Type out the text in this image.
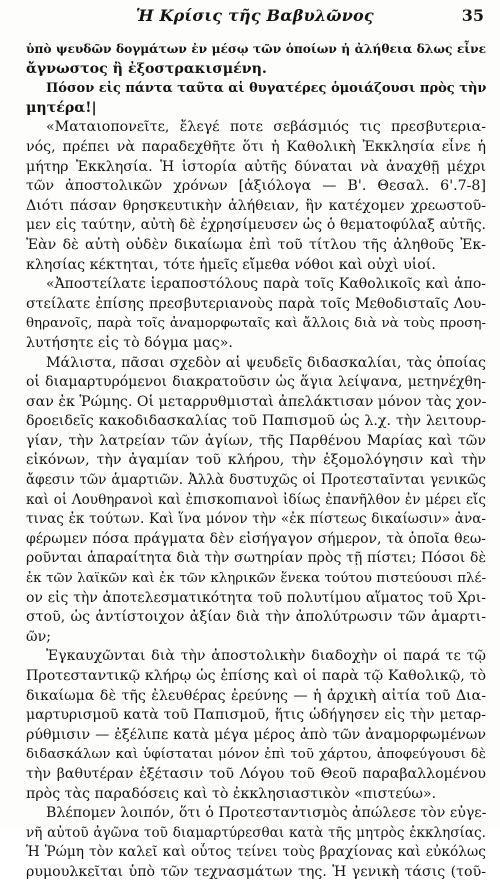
Ἡ Κρίσις τῆς Βαβυλῶνος	35
ὑπὸ ψευδῶν δογμάτων ἐν μέσῳ τῶν ὁποίων ἡ ἀλήθεια δλως εἶνε
ἄγνωστος ἢ ἐξοστρακισμένη.
Πόσον εἰς πάντα ταῦτα αἱ θυγατέρες ὁμοιάζουσι πρὸς τὴν
μητέρα!|
«Ματαιοπονεῖτε, ἔλεγέ ποτε σεβάσμιός τις πρεσβυτερια-
νός, πρέπει νὰ παραδεχθῆτε ὅτι ἡ Καθολικὴ Ἐκκλησία εἶνε ἡ
μήτηρ Ἐκκλησία. Ἡ ἱστορία αὐτῆς δύναται νὰ ἀναχθῇ μέχρι
τῶν ἀποστολικῶν χρόνων [ἀξιόλογα — Β'. Θεσαλ. 6'.7-8]
Διότι πάσαν θρησκευτικὴν ἀλήθειαν, ἣν κατέχομεν χρεωστοῦ-
μεν εἰς ταύτην, αὐτὴ δὲ ἐχρησίμευσεν ὡς ὁ θεματοφύλαξ αὐτῆς.
Ἐὰν δὲ αὐτὴ οὐδὲν δικαίωμα ἐπὶ τοῦ τίτλου τῆς ἀληθοῦς Ἐκ-
κλησίας κέκτηται, τότε ἡμεῖς εἴμεθα νόθοι καὶ οὐχὶ υἱοί.
«Ἀποστείλατε ἱεραποστόλους παρὰ τοῖς Καθολικοῖς καὶ ἀπο-
στείλατε ἐπίσης πρεσβυτεριανοὺς παρὰ τοῖς Μεθοδισταῖς Λου-
θηρανοῖς, παρὰ τοῖς ἀναμορφωταῖς καὶ ἄλλοις διὰ νὰ τοὺς προση-
λυτήσητε εἰς τὸ δόγμα μας».
Μάλιστα, πᾶσαι σχεδὸν αἱ ψευδεῖς διδασκαλίαι, τὰς ὁποίας
οἱ διαμαρτυρόμενοι διακρατοῦσιν ὡς ἅγια λείψανα, μετηνέχθη-
σαν ἐκ Ῥώμης. Οἱ μεταρρυθμισταὶ ἀπελάκτισαν μόνον τὰς χον-
δροειδεῖς κακοδιδασκαλίας τοῦ Παπισμοῦ ὡς λ.χ. τὴν λειτουρ-
γίαν, τὴν λατρείαν τῶν ἁγίων, τῆς Παρθένου Μαρίας καὶ τῶν
εἰκόνων, τὴν ἀγαμίαν τοῦ κλήρου, τὴν ἐξομολόγησιν καὶ τὴν
ἄφεσιν τῶν ἁμαρτιῶν. Ἀλλὰ δυστυχῶς οἱ Προτεσταῖνται γενικῶς
καὶ οἱ Λουθηρανοὶ καὶ ἐπισκοπιανοὶ ἰδίως ἐπανῆλθον ἐν μέρει εἴς
τινας ἐκ τούτων. Καὶ ἵνα μόνον τὴν «ἐκ πίστεως δικαίωσιν» ἀνα-
φέρωμεν πόσα πράγματα δὲν εἰσήγαγον σήμερον, τὰ ὁποῖα θεω-
ροῦνται ἀπαραίτητα διὰ τὴν σωτηρίαν πρὸς τῇ πίστει; Πόσοι δὲ
ἐκ τῶν λαϊκῶν καὶ ἐκ τῶν κληρικῶν ἕνεκα τούτου πιστεύουσι πλέ-
ον εἰς τὴν ἀποτελεσματικότητα τοῦ πολυτίμου αἵματος τοῦ Χρι-
στοῦ, ὡς ἀντίστοιχον ἀξίαν διὰ τὴν ἀπολύτρωσιν τῶν ἁμαρτι-
ῶν;
Ἐγκαυχῶνται διὰ τὴν ἀποστολικὴν διαδοχὴν οἱ παρά τε τῷ
Προτεσταντικῷ κλήρῳ ὡς ἐπίσης καὶ οἱ παρὰ τῷ Καθολικῷ, τὸ
δικαίωμα δὲ τῆς ἐλευθέρας ἐρεύνης — ἡ ἀρχικὴ αἰτία τοῦ Δια-
μαρτυρισμοῦ κατὰ τοῦ Παπισμοῦ, ἥτις ὡδήγησεν εἰς τὴν μεταρ-
ρύθμισιν — ἐξέλιπε κατὰ μέγα μέρος ἀπὸ τῶν ἀναμορφωμένων
διδασκάλων καὶ ὑφίσταται μόνον ἐπὶ τοῦ χάρτου, ἀποφεύγουσι δὲ
τὴν βαθυτέραν ἐξέτασιν τοῦ Λόγου τοῦ Θεοῦ παραβαλλομένου
πρὸς τὰς παραδόσεις καὶ τὸ ἐκκλησιαστικὸν «πιστεύω».
Βλέπομεν λοιπόν, ὅτι ὁ Προτεσταντισμὸς ἀπώλεσε τὸν εὐγε-
νῆ αὐτοῦ ἀγῶνα τοῦ διαμαρτύρεσθαι κατὰ τῆς μητρὸς ἐκκλησίας.
Ἡ Ῥώμη τὸν καλεῖ καὶ οὗτος τείνει τοὺς βραχίονας καὶ εὐκόλως
ρυμουλκεῖται ὑπὸ τῶν τεχνασμάτων της. Ἡ γενικὴ τάσις (τοῦ-
